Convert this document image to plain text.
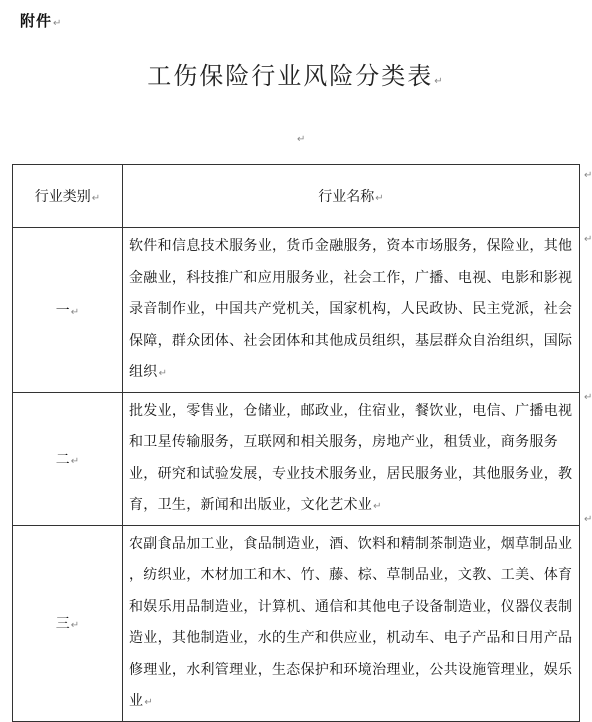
附件↵
工伤保险行业风险分类表↵
↵
↵
↵
↵
↵
行业类别↵	行业名称↵
一↵	软件和信息技术服务业，货币金融服务，资本市场服务，保险业，其他金融业，科技推广和应用服务业，社会工作，广播、电视、电影和影视录音制作业，中国共产党机关，国家机构，人民政协、民主党派，社会保障，群众团体、社会团体和其他成员组织，基层群众自治组织，国际组织↵
二↵	批发业，零售业，仓储业，邮政业，住宿业，餐饮业，电信、广播电视和卫星传输服务，互联网和相关服务，房地产业，租赁业，商务服务业，研究和试验发展，专业技术服务业，居民服务业，其他服务业，教育，卫生，新闻和出版业，文化艺术业↵
三↵	农副食品加工业，食品制造业，酒、饮料和精制茶制造业，烟草制品业 ，纺织业，木材加工和木、竹、藤、棕、草制品业，文教、工美、体育和娱乐用品制造业，计算机、通信和其他电子设备制造业，仪器仪表制造业，其他制造业，水的生产和供应业，机动车、电子产品和日用产品修理业，水利管理业，生态保护和环境治理业，公共设施管理业，娱乐业↵
